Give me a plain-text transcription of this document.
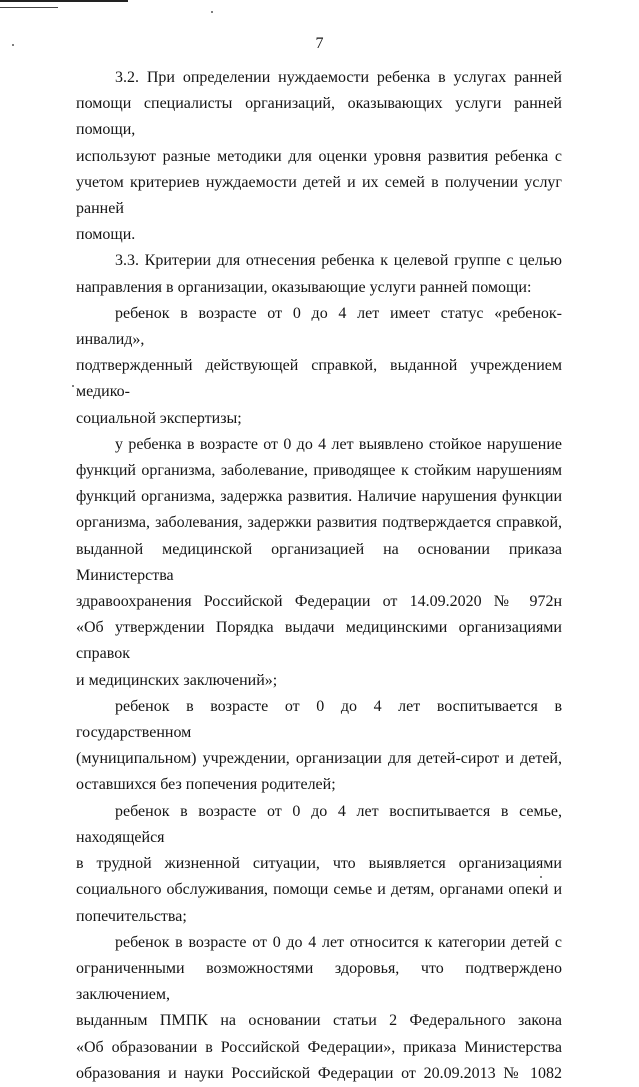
7

3.2. При определении нуждаемости ребенка в услугах ранней
помощи специалисты организаций, оказывающих услуги ранней помощи,
используют разные методики для оценки уровня развития ребенка с
учетом критериев нуждаемости детей и их семей в получении услуг ранней
помощи.

3.3. Критерии для отнесения ребенка к целевой группе с целью
направления в организации, оказывающие услуги ранней помощи:

ребенок в возрасте от 0 до 4 лет имеет статус «ребенок-инвалид»,
подтвержденный действующей справкой, выданной учреждением медико-
социальной экспертизы;

у ребенка в возрасте от 0 до 4 лет выявлено стойкое нарушение
функций организма, заболевание, приводящее к стойким нарушениям
функций организма, задержка развития. Наличие нарушения функции
организма, заболевания, задержки развития подтверждается справкой,
выданной медицинской организацией на основании приказа Министерства
здравоохранения Российской Федерации от 14.09.2020 № 972н
«Об утверждении Порядка выдачи медицинскими организациями справок
и медицинских заключений»;

ребенок в возрасте от 0 до 4 лет воспитывается в государственном
(муниципальном) учреждении, организации для детей-сирот и детей,
оставшихся без попечения родителей;

ребенок в возрасте от 0 до 4 лет воспитывается в семье, находящейся
в трудной жизненной ситуации, что выявляется организациями
социального обслуживания, помощи семье и детям, органами опеки и
попечительства;

ребенок в возрасте от 0 до 4 лет относится к категории детей с
ограниченными возможностями здоровья, что подтверждено заключением,
выданным ПМПК на основании статьи 2 Федерального закона
«Об образовании в Российской Федерации», приказа Министерства
образования и науки Российской Федерации от 20.09.2013 № 1082
